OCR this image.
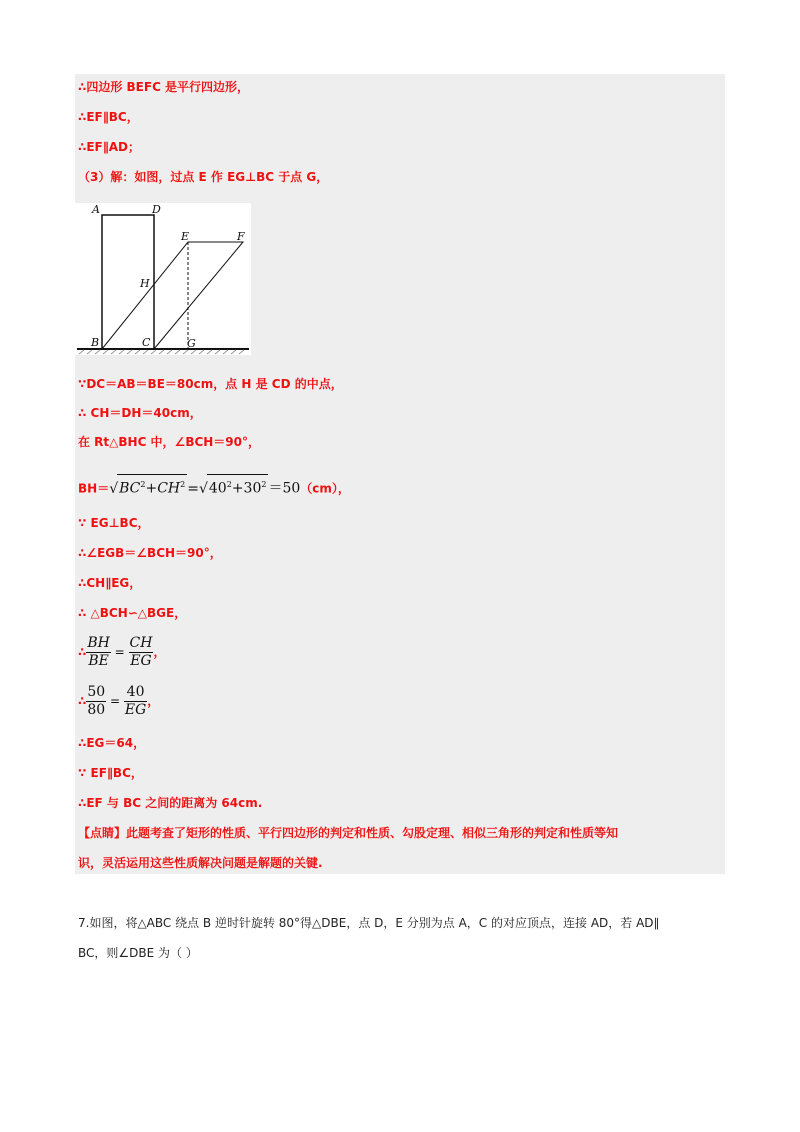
∴四边形 BEFC 是平行四边形，
∴EF∥BC，
∴EF∥AD；
（3）解：如图，过点 E 作 EG⊥BC 于点 G，
A	D
E	F
H
B	C	G
∵DC＝AB＝BE＝80cm，点 H 是 CD 的中点，
∴ CH＝DH＝40cm，
在 Rt△BHC 中，∠BCH＝90°，
$BH=√BC^2+CH^2 =√40^2+30^2 =50(cm)$，
∵ EG⊥BC，
∴∠EGB＝∠BCH＝90°，
∴CH∥EG，
∴ △BCH∽△BGE，
∴ $\frac{BH}{BE} = \frac{CH}{EG}$ ，
∴ $\frac{50}{80} = \frac{40}{EG}$ ，
∴EG＝64，
∵ EF∥BC，
∴EF 与 BC 之间的距离为 64cm.
【点睛】此题考查了矩形的性质、平行四边形的判定和性质、勾股定理、相似三角形的判定和性质等知
识，灵活运用这些性质解决问题是解题的关键.
7.如图，将△ABC 绕点 B 逆时针旋转 80°得△DBE，点 D，E 分别为点 A，C 的对应顶点，连接 AD，若 AD∥
BC，则∠DBE 为（ ）
